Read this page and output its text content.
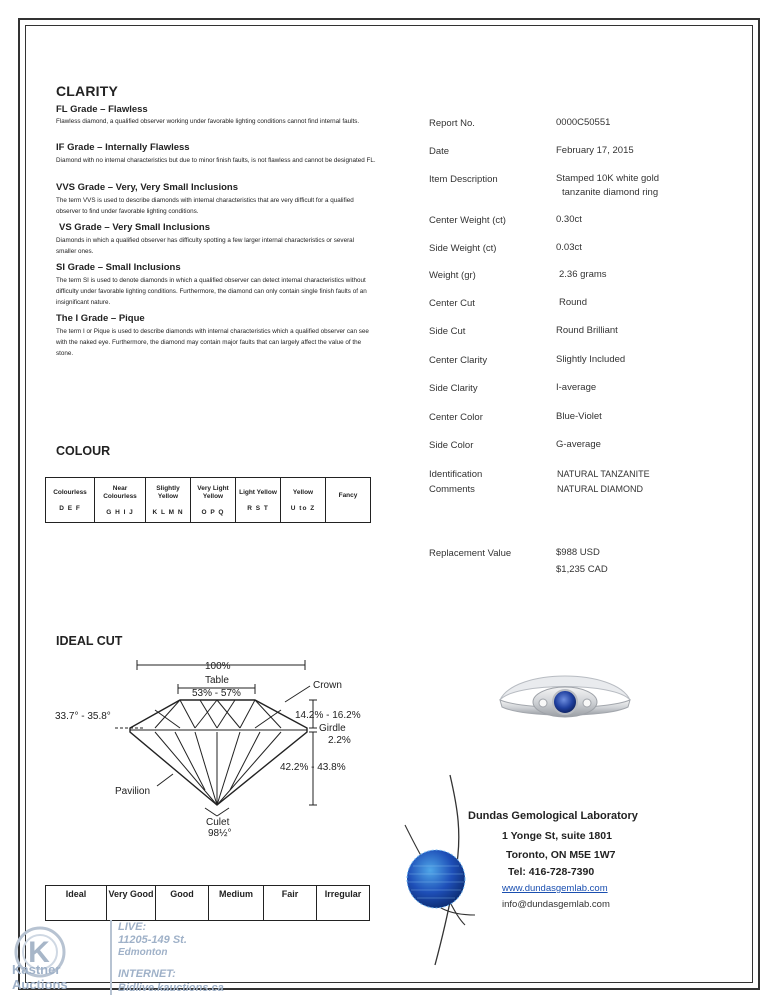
CLARITY
FL Grade – Flawless
Flawless diamond, a qualified observer working under favorable lighting conditions cannot find internal faults.
IF Grade – Internally Flawless
Diamond with no internal characteristics but due to minor finish faults, is not flawless and cannot be designated FL.
VVS Grade – Very, Very Small Inclusions
The term VVS is used to describe diamonds with internal characteristics that are very difficult for a qualified observer to find under favorable lighting conditions.
VS Grade – Very Small Inclusions
Diamonds in which a qualified observer has difficulty spotting a few larger internal characteristics or several smaller ones.
SI Grade – Small Inclusions
The term SI is used to denote diamonds in which a qualified observer can detect internal characteristics without difficulty under favorable lighting conditions. Furthermore, the diamond can only contain single finish faults of an insignificant nature.
The I Grade – Pique
The term I or Pique is used to describe diamonds with internal characteristics which a qualified observer can see with the naked eye. Furthermore, the diamond may contain major faults that can largely affect the value of the stone.
COLOUR
Colourless
D E F

Near Colourless
G H I J

Slightly Yellow
K L M N

Very Light Yellow
O P Q

Light Yellow
R S T

Yellow
U to Z

Fancy
IDEAL CUT
100%
Table
53% - 57%
Crown
33.7° - 35.8°	14.2% - 16.2%
Girdle
2.2%
42.2% - 43.8%
Pavilion
Culet
98½°
Ideal	Very Good	Good	Medium	Fair	Irregular
Report No.	0000C50551
Date	February 17, 2015
Item Description	Stamped 10K white gold
tanzanite diamond ring
Center Weight (ct)	0.30ct
Side Weight (ct)	0.03ct
Weight (gr)	2.36 grams
Center Cut	Round
Side Cut	Round Brilliant
Center Clarity	Slightly Included
Side Clarity	I-average
Center Color	Blue-Violet
Side Color	G-average
Identification
Comments
NATURAL TANZANITE
NATURAL DIAMOND
Replacement Value	$988 USD
$1,235 CAD
Dundas Gemological Laboratory
1 Yonge St, suite 1801
Toronto, ON M5E 1W7
Tel: 416-728-7390
www.dundasgemlab.com
info@dundasgemlab.com
K
Kastner
Auctions
LIVE:
11205-149 St.
Edmonton
INTERNET:
Bidlive.kauctions.ca
